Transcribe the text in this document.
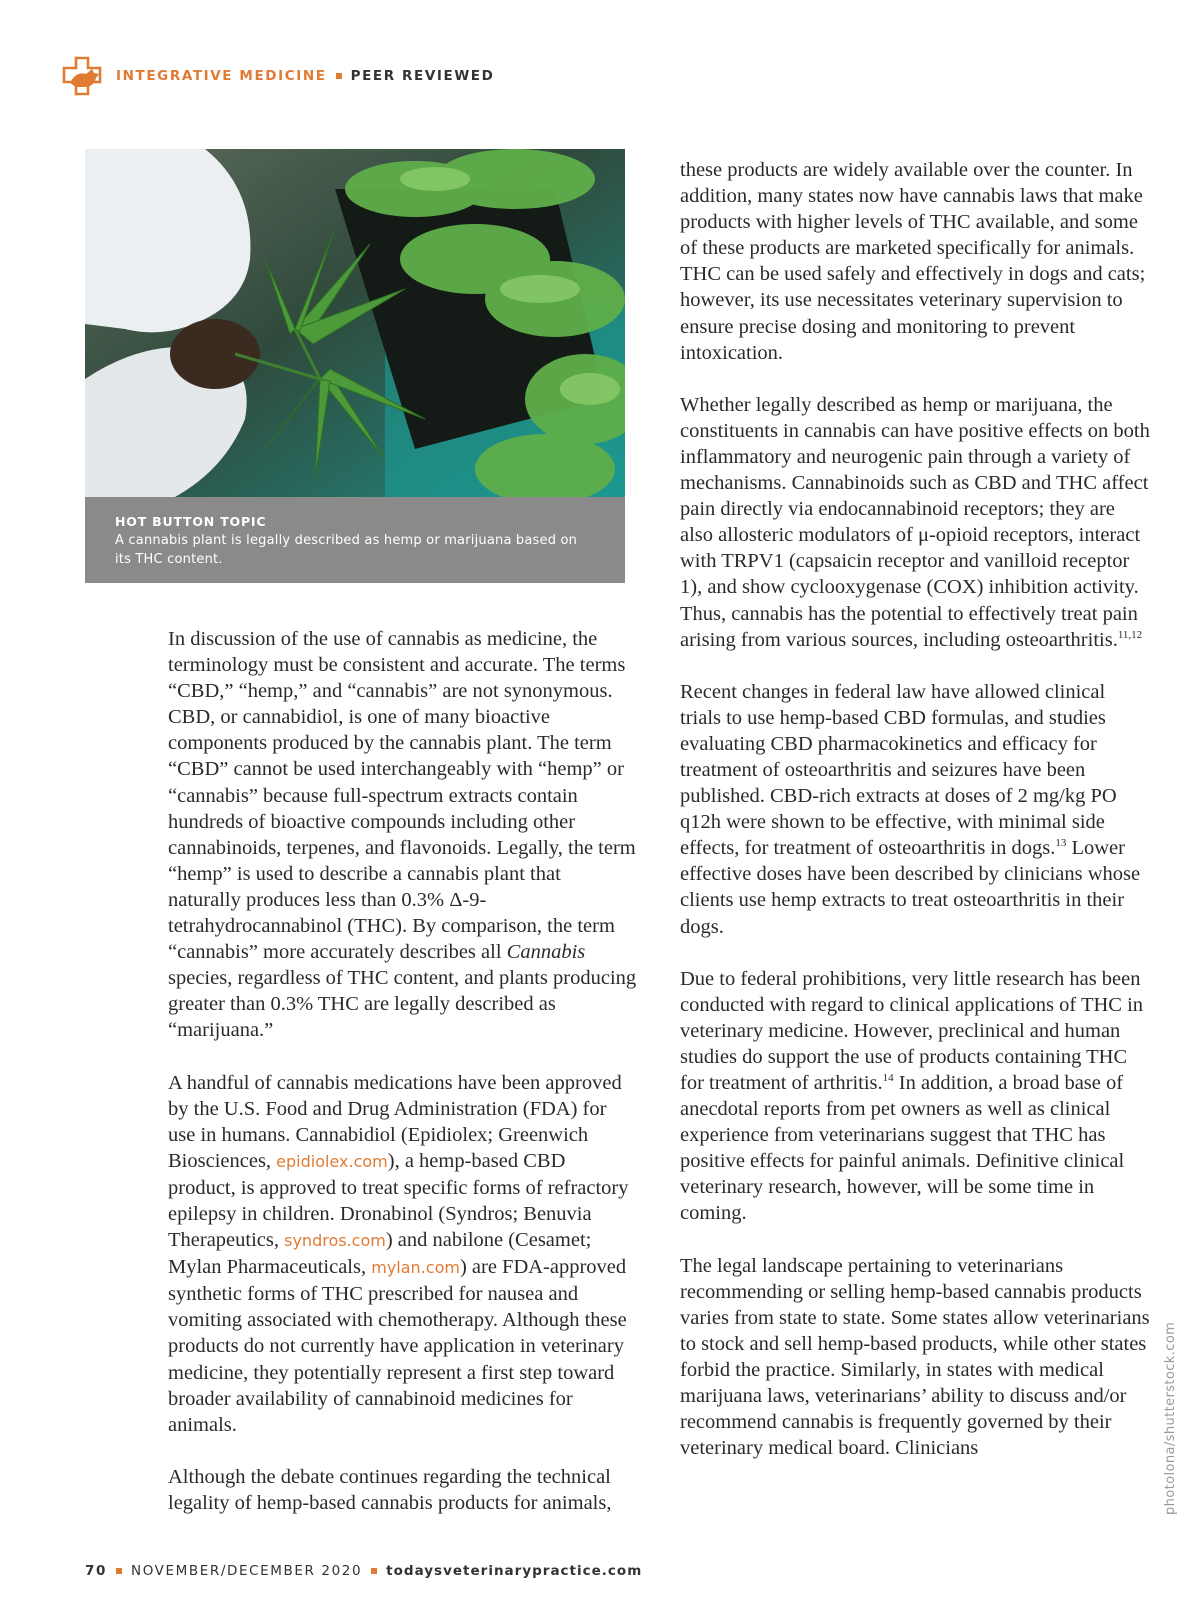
INTEGRATIVE MEDICINE PEER REVIEWED
HOT BUTTON TOPIC
A cannabis plant is legally described as hemp or marijuana based on its THC content.

In discussion of the use of cannabis as medicine, the terminology must be consistent and accurate. The terms “CBD,” “hemp,” and “cannabis” are not synonymous. CBD, or cannabidiol, is one of many bioactive components produced by the cannabis plant. The term “CBD” cannot be used interchangeably with “hemp” or “cannabis” because full-spectrum extracts contain hundreds of bioactive compounds including other cannabinoids, terpenes, and flavonoids. Legally, the term “hemp” is used to describe a cannabis plant that naturally produces less than 0.3% Δ-9-tetrahydrocannabinol (THC). By comparison, the term “cannabis” more accurately describes all Cannabis species, regardless of THC content, and plants producing greater than 0.3% THC are legally described as “marijuana.”

A handful of cannabis medications have been approved by the U.S. Food and Drug Administration (FDA) for use in humans. Cannabidiol (Epidiolex; Greenwich Biosciences, epidiolex.com), a hemp-based CBD product, is approved to treat specific forms of refractory epilepsy in children. Dronabinol (Syndros; Benuvia Therapeutics, syndros.com) and nabilone (Cesamet; Mylan Pharmaceuticals, mylan.com) are FDA-approved synthetic forms of THC prescribed for nausea and vomiting associated with chemotherapy. Although these products do not currently have application in veterinary medicine, they potentially represent a first step toward broader availability of cannabinoid medicines for animals.

Although the debate continues regarding the technical legality of hemp-based cannabis products for animals,

these products are widely available over the counter. In addition, many states now have cannabis laws that make products with higher levels of THC available, and some of these products are marketed specifically for animals. THC can be used safely and effectively in dogs and cats; however, its use necessitates veterinary supervision to ensure precise dosing and monitoring to prevent intoxication.

Whether legally described as hemp or marijuana, the constituents in cannabis can have positive effects on both inflammatory and neurogenic pain through a variety of mechanisms. Cannabinoids such as CBD and THC affect pain directly via endocannabinoid receptors; they are also allosteric modulators of μ-opioid receptors, interact with TRPV1 (capsaicin receptor and vanilloid receptor 1), and show cyclooxygenase (COX) inhibition activity. Thus, cannabis has the potential to effectively treat pain arising from various sources, including osteoarthritis.$^{11,12}$

Recent changes in federal law have allowed clinical trials to use hemp-based CBD formulas, and studies evaluating CBD pharmacokinetics and efficacy for treatment of osteoarthritis and seizures have been published. CBD-rich extracts at doses of 2 mg/kg PO q12h were shown to be effective, with minimal side effects, for treatment of osteoarthritis in dogs.$^{13}$ Lower effective doses have been described by clinicians whose clients use hemp extracts to treat osteoarthritis in their dogs.

Due to federal prohibitions, very little research has been conducted with regard to clinical applications of THC in veterinary medicine. However, preclinical and human studies do support the use of products containing THC for treatment of arthritis.$^{14}$ In addition, a broad base of anecdotal reports from pet owners as well as clinical experience from veterinarians suggest that THC has positive effects for painful animals. Definitive clinical veterinary research, however, will be some time in coming.

The legal landscape pertaining to veterinarians recommending or selling hemp-based cannabis products varies from state to state. Some states allow veterinarians to stock and sell hemp-based products, while other states forbid the practice. Similarly, in states with medical marijuana laws, veterinarians’ ability to discuss and/or recommend cannabis is frequently governed by their veterinary medical board. Clinicians	photolona/shutterstock.com
70 NOVEMBER/DECEMBER 2020 todaysveterinarypractice.com
